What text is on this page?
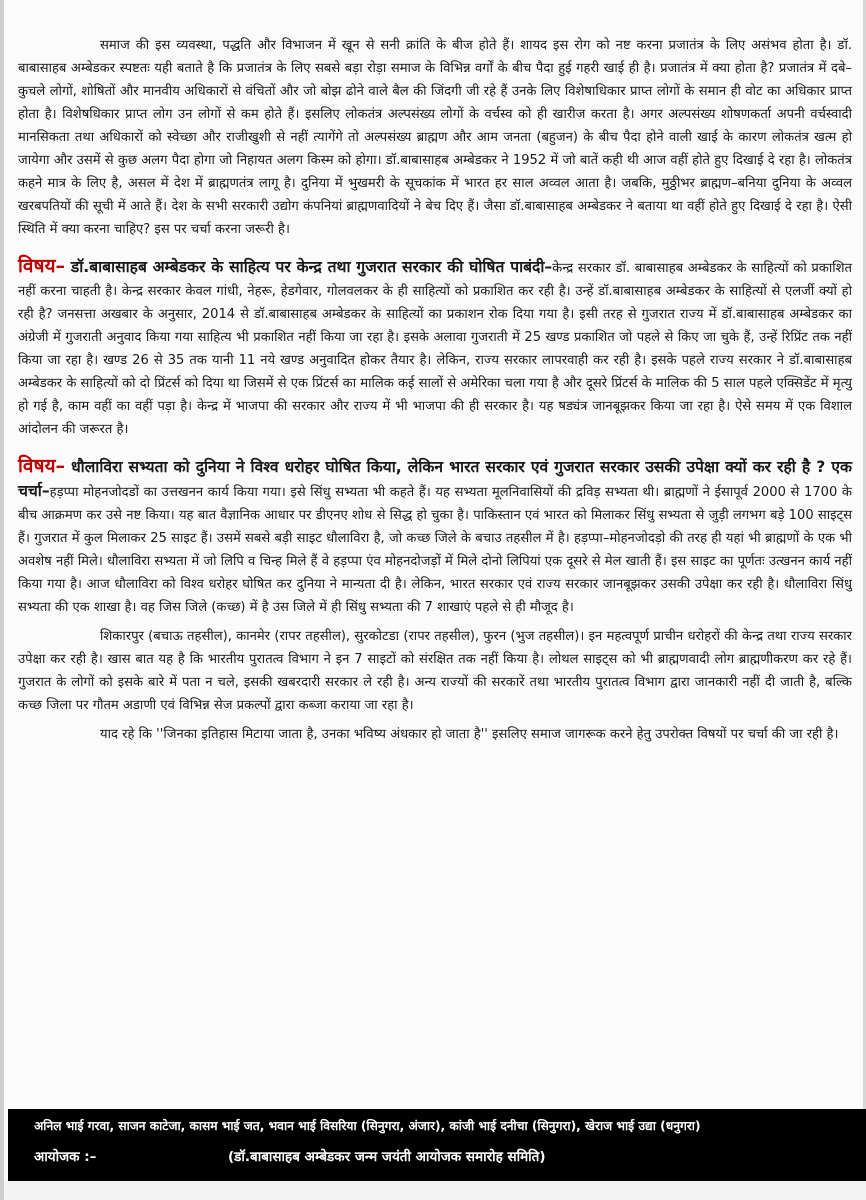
समाज की इस व्यवस्था, पद्धति और विभाजन में खून से सनी क्रांति के बीज होते हैं। शायद इस रोग को नष्ट करना प्रजातंत्र के लिए असंभव होता है। डॉ. बाबासाहब अम्बेडकर स्पष्टतः यही बताते है कि प्रजातंत्र के लिए सबसे बड़ा रोड़ा समाज के विभिन्न वर्गों के बीच पैदा हुई गहरी खाई ही है। प्रजातंत्र में क्या होता है? प्रजातंत्र में दबे–कुचले लोगों, शोषितों और मानवीय अधिकारों से वंचितों और जो बोझ ढोने वाले बैल की जिंदगी जी रहे हैं उनके लिए विशेषाधिकार प्राप्त लोगों के समान ही वोट का अधिकार प्राप्त होता है। विशेषधिकार प्राप्त लोग उन लोगों से कम होते हैं। इसलिए लोकतंत्र अल्पसंख्य लोगों के वर्चस्व को ही खारीज करता है। अगर अल्पसंख्य शोषणकर्ता अपनी वर्चस्वादी मानसिकता तथा अधिकारों को स्वेच्छा और राजीखुशी से नहीं त्यागेंगे तो अल्पसंख्य ब्राह्मण और आम जनता (बहुजन) के बीच पैदा होने वाली खाई के कारण लोकतंत्र खत्म हो जायेगा और उसमें से कुछ अलग पैदा होगा जो निहायत अलग किस्म को होगा। डॉ.बाबासाहब अम्बेडकर ने 1952 में जो बातें कही थी आज वहीं होते हुए दिखाई दे रहा है। लोकतंत्र कहने मात्र के लिए है, असल में देश में ब्राह्मणतंत्र लागू है। दुनिया में भुखमरी के सूचकांक में भारत हर साल अव्वल आता है। जबकि, मुठ्ठीभर ब्राह्मण–बनिया दुनिया के अव्वल खरबपतियों की सूची में आते हैं। देश के सभी सरकारी उद्योग कंपनियां ब्राह्मणवादियों ने बेच दिए हैं। जैसा डॉ.बाबासाहब अम्बेडकर ने बताया था वहीं होते हुए दिखाई दे रहा है। ऐसी स्थिति में क्या करना चाहिए? इस पर चर्चा करना जरूरी है।

विषय– डॉ.बाबासाहब अम्बेडकर के साहित्य पर केन्द्र तथा गुजरात सरकार की घोषित पाबंदी–केन्द्र सरकार डॉ. बाबासाहब अम्बेडकर के साहित्यों को प्रकाशित नहीं करना चाहती है। केन्द्र सरकार केवल गांधी, नेहरू, हेडगेवार, गोलवलकर के ही साहित्यों को प्रकाशित कर रही है। उन्हें डॉ.बाबासाहब अम्बेडकर के साहित्यों से एलर्जी क्यों हो रही है? जनसत्ता अखबार के अनुसार, 2014 से डॉ.बाबासाहब अम्बेडकर के साहित्यों का प्रकाशन रोक दिया गया है। इसी तरह से गुजरात राज्य में डॉ.बाबासाहब अम्बेडकर का अंग्रेजी में गुजराती अनुवाद किया गया साहित्य भी प्रकाशित नहीं किया जा रहा है। इसके अलावा गुजराती में 25 खण्ड प्रकाशित जो पहले से किए जा चुके हैं, उन्हें रिप्रिंट तक नहीं किया जा रहा है। खण्ड 26 से 35 तक यानी 11 नये खण्ड अनुवादित होकर तैयार है। लेकिन, राज्य सरकार लापरवाही कर रही है। इसके पहले राज्य सरकार ने डॉ.बाबासाहब अम्बेडकर के साहित्यों को दो प्रिंटर्स को दिया था जिसमें से एक प्रिंटर्स का मालिक कई सालों से अमेरिका चला गया है और दूसरे प्रिंटर्स के मालिक की 5 साल पहले एक्सिडेंट में मृत्यु हो गई है, काम वहीं का वहीं पड़ा है। केन्द्र में भाजपा की सरकार और राज्य में भी भाजपा की ही सरकार है। यह षड्यंत्र जानबूझकर किया जा रहा है। ऐसे समय में एक विशाल आंदोलन की जरूरत है।

विषय– धौलाविरा सभ्यता को दुनिया ने विश्व धरोहर घोषित किया, लेकिन भारत सरकार एवं गुजरात सरकार उसकी उपेक्षा क्यों कर रही है ? एक चर्चा–हड़प्पा मोहनजोदडों का उत्तखनन कार्य किया गया। इसे सिंधु सभ्यता भी कहते हैं। यह सभ्यता मूलनिवासियों की द्रविड़ सभ्यता थी। ब्राह्मणों ने ईसापूर्व 2000 से 1700 के बीच आक्रमण कर उसे नष्ट किया। यह बात वैज्ञानिक आधार पर डीएनए शोध से सिद्ध हो चुका है। पाकिस्तान एवं भारत को मिलाकर सिंधु सभ्यता से जुड़ी लगभग बड़े 100 साइट्स हैं। गुजरात में कुल मिलाकर 25 साइट हैं। उसमें सबसे बड़ी साइट धौलाविरा है, जो कच्छ जिले के बचाउ तहसील में है। हड़प्पा–मोहनजोदड़ो की तरह ही यहां भी ब्राह्मणों के एक भी अवशेष नहीं मिले। धौलाविरा सभ्यता में जो लिपि व चिन्ह मिले हैं वे हड़प्पा एंव मोहनदोजड़ों में मिले दोनो लिपियां एक दूसरे से मेल खाती हैं। इस साइट का पूर्णतः उत्खनन कार्य नहीं किया गया है। आज धौलाविरा को विश्व धरोहर घोषित कर दुनिया ने मान्यता दी है। लेकिन, भारत सरकार एवं राज्य सरकार जानबूझकर उसकी उपेक्षा कर रही है। धौलाविरा सिंधु सभ्यता की एक शाखा है। वह जिस जिले (कच्छ) में है उस जिले में ही सिंधु सभ्यता की 7 शाखाएं पहले से ही मौजूद है।

शिकारपुर (बचाऊ तहसील), कानमेर (रापर तहसील), सुरकोटडा (रापर तहसील), फुरन (भुज तहसील)। इन महत्वपूर्ण प्राचीन धरोहरों की केन्द्र तथा राज्य सरकार उपेक्षा कर रही है। खास बात यह है कि भारतीय पुरातत्व विभाग ने इन 7 साइटों को संरक्षित तक नहीं किया है। लोथल साइट्स को भी ब्राह्मणवादी लोग ब्राह्मणीकरण कर रहे हैं। गुजरात के लोगों को इसके बारे में पता न चले, इसकी खबरदारी सरकार ले रही है। अन्य राज्यों की सरकारें तथा भारतीय पुरातत्व विभाग द्वारा जानकारी नहीं दी जाती है, बल्कि कच्छ जिला पर गौतम अडाणी एवं विभिन्न सेज प्रकल्पों द्वारा कब्जा कराया जा रहा है।

याद रहे कि ''जिनका इतिहास मिटाया जाता है, उनका भविष्य अंधकार हो जाता है'' इसलिए समाज जागरूक करने हेतु उपरोक्त विषयों पर चर्चा की जा रही है।

अनिल भाई गरवा, साजन काटेजा, कासम भाई जत, भवान भाई विसरिया (सिनुगरा, अंजार), कांजी भाई दनीचा (सिनुगरा), खेराज भाई उद्या (धनुगरा)
आयोजक :–	(डॉ.बाबासाहब अम्बेडकर जन्म जयंती आयोजक समारोह समिति)
